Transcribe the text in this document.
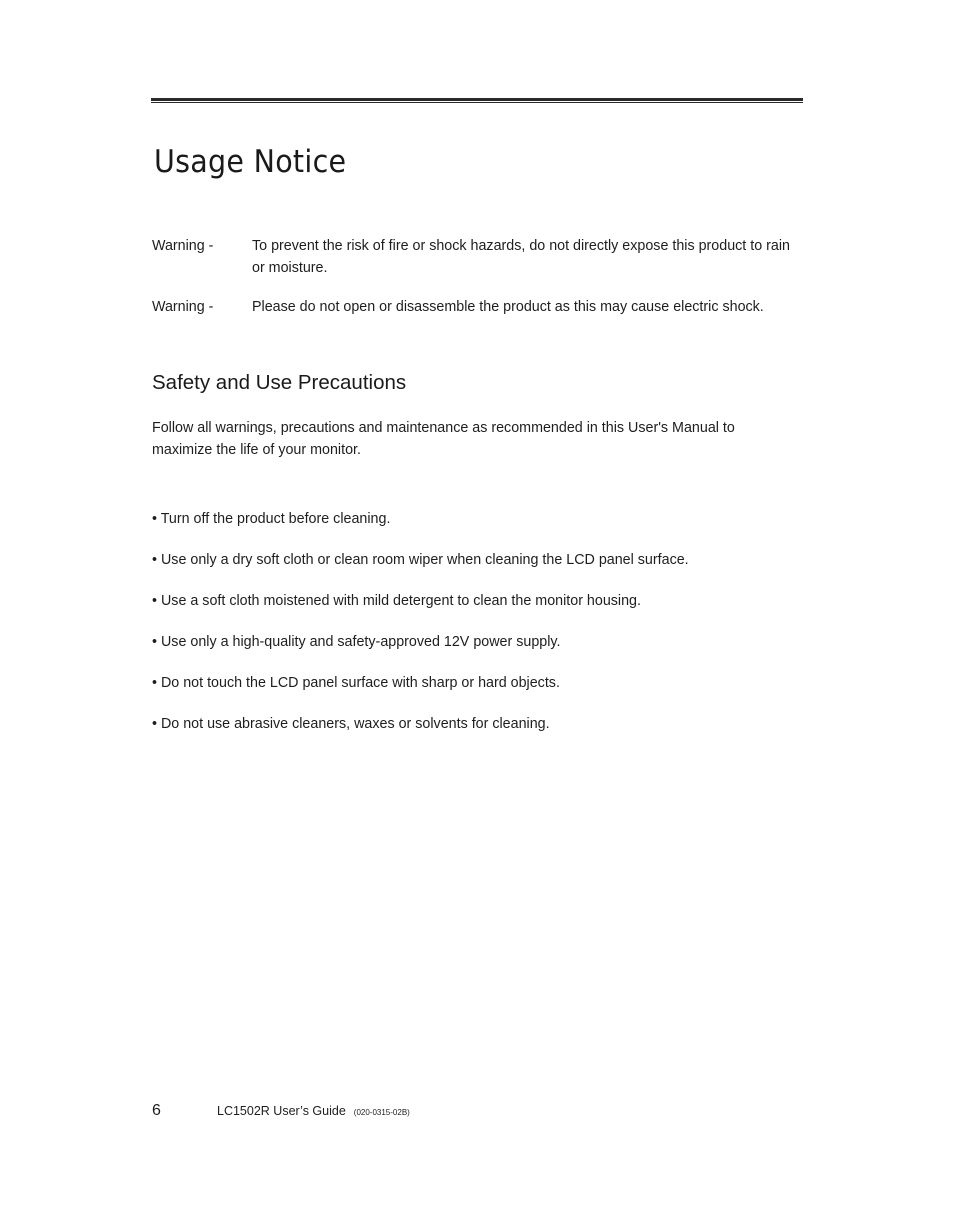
Usage Notice
Warning -	To prevent the risk of fire or shock hazards, do not directly expose this product to rain or moisture.
Warning -	Please do not open or disassemble the product as this may cause electric shock.
Safety and Use Precautions

Follow all warnings, precautions and maintenance as recommended in this User's Manual to maximize the life of your monitor.

• Turn off the product before cleaning.
• Use only a dry soft cloth or clean room wiper when cleaning the LCD panel surface.
• Use a soft cloth moistened with mild detergent to clean the monitor housing.
• Use only a high-quality and safety-approved 12V power supply.
• Do not touch the LCD panel surface with sharp or hard objects.
• Do not use abrasive cleaners, waxes or solvents for cleaning.
6	LC1502R User’s Guide (020-0315-02B)
